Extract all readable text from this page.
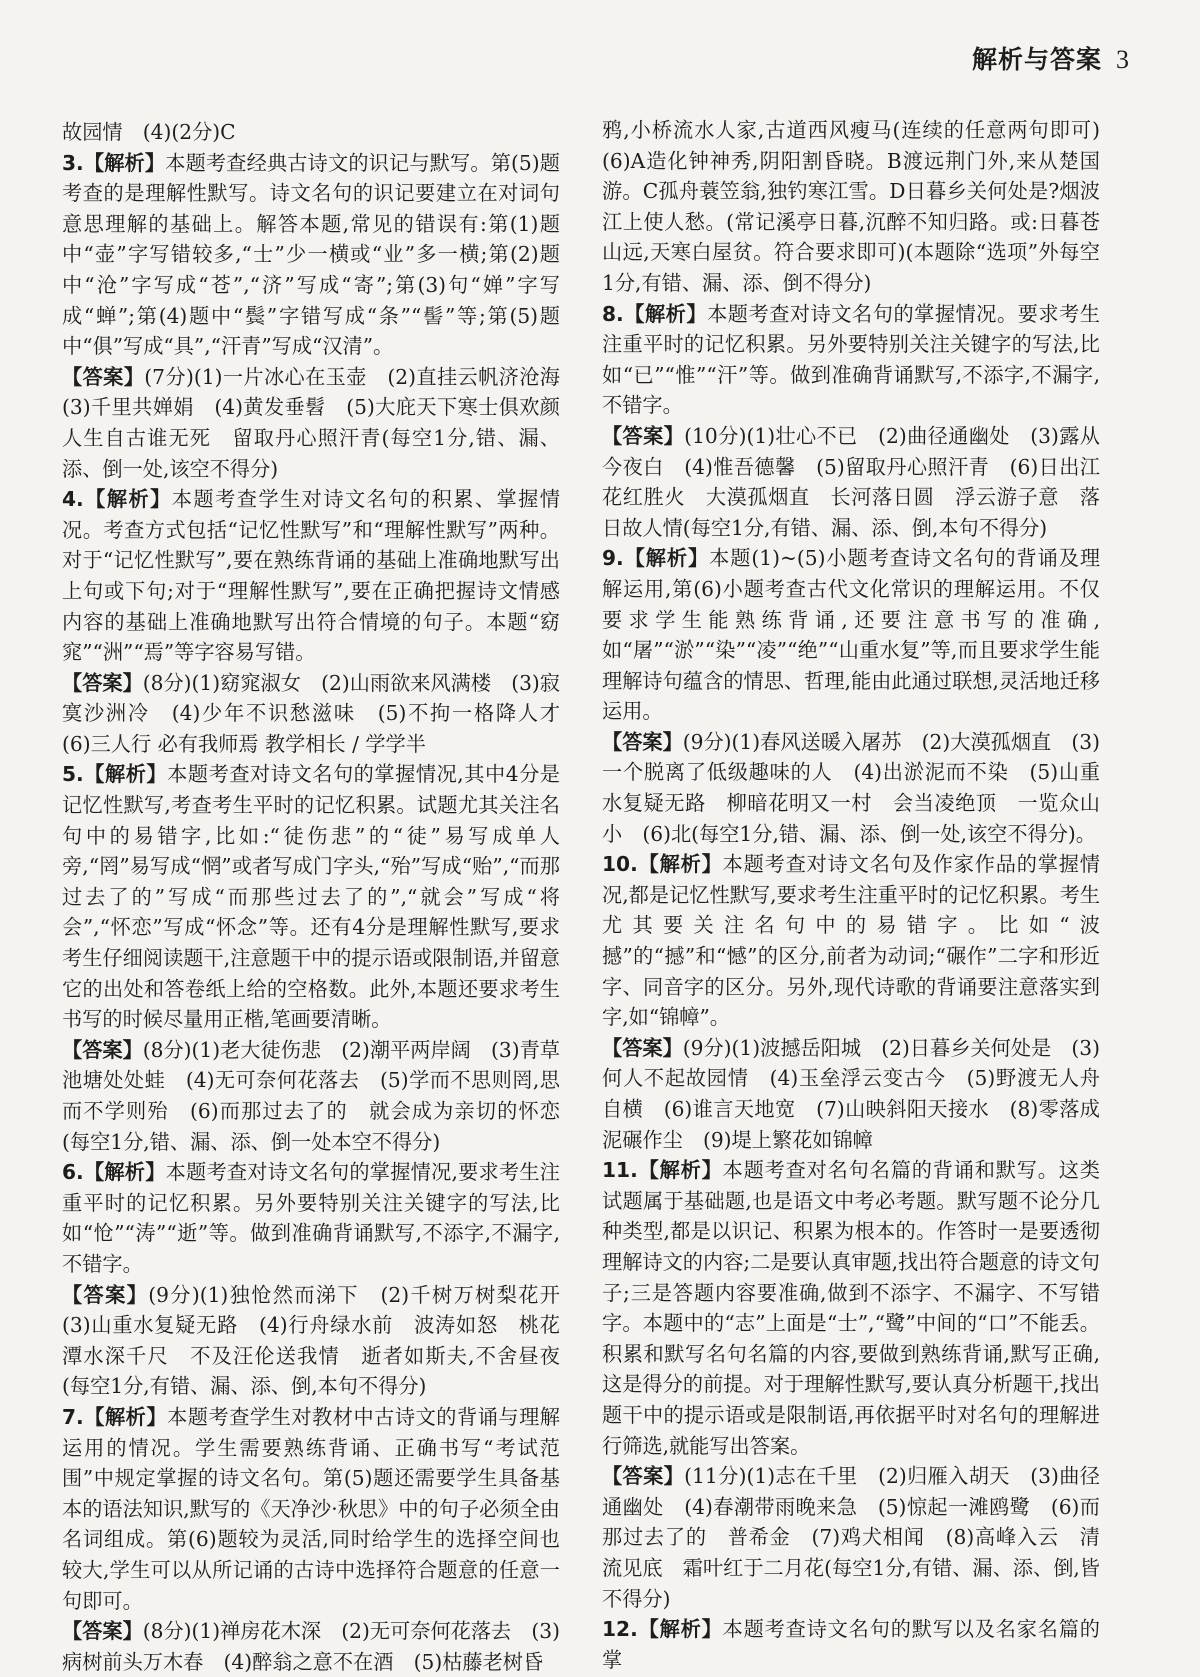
解析与答案 3

故园情　(4)(2分)C

3.【解析】本题考查经典古诗文的识记与默写。第(5)题考查的是理解性默写。诗文名句的识记要建立在对词句意思理解的基础上。解答本题,常见的错误有:第(1)题中“壶”字写错较多,“士”少一横或“业”多一横;第(2)题中“沧”字写成“苍”,“济”写成“寄”;第(3)句“婵”字写成“蝉”;第(4)题中“鬓”字错写成“条”“髻”等;第(5)题中“俱”写成“具”,“汗青”写成“汉清”。

【答案】(7分)(1)一片冰心在玉壶　(2)直挂云帆济沧海　(3)千里共婵娟　(4)黄发垂髫　(5)大庇天下寒士俱欢颜　人生自古谁无死　留取丹心照汗青(每空1分,错、漏、添、倒一处,该空不得分)

4.【解析】本题考查学生对诗文名句的积累、掌握情况。考查方式包括“记忆性默写”和“理解性默写”两种。对于“记忆性默写”,要在熟练背诵的基础上准确地默写出上句或下句;对于“理解性默写”,要在正确把握诗文情感内容的基础上准确地默写出符合情境的句子。本题“窈窕”“洲”“焉”等字容易写错。

【答案】(8分)(1)窈窕淑女　(2)山雨欲来风满楼　(3)寂寞沙洲冷　(4)少年不识愁滋味　(5)不拘一格降人才　(6)三人行 必有我师焉 教学相长 / 学学半

5.【解析】本题考查对诗文名句的掌握情况,其中4分是记忆性默写,考查考生平时的记忆积累。试题尤其关注名句中的易错字,比如:“徒伤悲”的“徒”易写成单人旁,“罔”易写成“惘”或者写成门字头,“殆”写成“贻”,“而那过去了的”写成“而那些过去了的”,“就会”写成“将会”,“怀恋”写成“怀念”等。还有4分是理解性默写,要求考生仔细阅读题干,注意题干中的提示语或限制语,并留意它的出处和答卷纸上给的空格数。此外,本题还要求考生书写的时候尽量用正楷,笔画要清晰。

【答案】(8分)(1)老大徒伤悲　(2)潮平两岸阔　(3)青草池塘处处蛙　(4)无可奈何花落去　(5)学而不思则罔,思而不学则殆　(6)而那过去了的　就会成为亲切的怀恋(每空1分,错、漏、添、倒一处本空不得分)

6.【解析】本题考查对诗文名句的掌握情况,要求考生注重平时的记忆积累。另外要特别关注关键字的写法,比如“怆”“涛”“逝”等。做到准确背诵默写,不添字,不漏字,不错字。

【答案】(9分)(1)独怆然而涕下　(2)千树万树梨花开　(3)山重水复疑无路　(4)行舟绿水前　波涛如怒　桃花潭水深千尺　不及汪伦送我情　逝者如斯夫,不舍昼夜　(每空1分,有错、漏、添、倒,本句不得分)

7.【解析】本题考查学生对教材中古诗文的背诵与理解运用的情况。学生需要熟练背诵、正确书写“考试范围”中规定掌握的诗文名句。第(5)题还需要学生具备基本的语法知识,默写的《天净沙·秋思》中的句子必须全由名词组成。第(6)题较为灵活,同时给学生的选择空间也较大,学生可以从所记诵的古诗中选择符合题意的任意一句即可。

【答案】(8分)(1)禅房花木深　(2)无可奈何花落去　(3)病树前头万木春　(4)醉翁之意不在酒　(5)枯藤老树昏

鸦,小桥流水人家,古道西风瘦马(连续的任意两句即可)(6)A造化钟神秀,阴阳割昏晓。B渡远荆门外,来从楚国游。C孤舟蓑笠翁,独钓寒江雪。D日暮乡关何处是?烟波江上使人愁。(常记溪亭日暮,沉醉不知归路。或:日暮苍山远,天寒白屋贫。符合要求即可)(本题除“选项”外每空1分,有错、漏、添、倒不得分)

8.【解析】本题考查对诗文名句的掌握情况。要求考生注重平时的记忆积累。另外要特别关注关键字的写法,比如“已”“惟”“汗”等。做到准确背诵默写,不添字,不漏字,不错字。

【答案】(10分)(1)壮心不已　(2)曲径通幽处　(3)露从今夜白　(4)惟吾德馨　(5)留取丹心照汗青　(6)日出江花红胜火　大漠孤烟直　长河落日圆　浮云游子意　落日故人情(每空1分,有错、漏、添、倒,本句不得分)

9.【解析】本题(1)~(5)小题考查诗文名句的背诵及理解运用,第(6)小题考查古代文化常识的理解运用。不仅要求学生能熟练背诵,还要注意书写的准确,如“屠”“淤”“染”“凌”“绝”“山重水复”等,而且要求学生能理解诗句蕴含的情思、哲理,能由此通过联想,灵活地迁移运用。

【答案】(9分)(1)春风送暖入屠苏　(2)大漠孤烟直　(3)一个脱离了低级趣味的人　(4)出淤泥而不染　(5)山重水复疑无路　柳暗花明又一村　会当凌绝顶　一览众山小　(6)北(每空1分,错、漏、添、倒一处,该空不得分)。

10.【解析】本题考查对诗文名句及作家作品的掌握情况,都是记忆性默写,要求考生注重平时的记忆积累。考生尤其要关注名句中的易错字。比如“波撼”的“撼”和“憾”的区分,前者为动词;“碾作”二字和形近字、同音字的区分。另外,现代诗歌的背诵要注意落实到字,如“锦幛”。

【答案】(9分)(1)波撼岳阳城　(2)日暮乡关何处是　(3)何人不起故园情　(4)玉垒浮云变古今　(5)野渡无人舟自横　(6)谁言天地宽　(7)山映斜阳天接水　(8)零落成泥碾作尘　(9)堤上繁花如锦幛

11.【解析】本题考查对名句名篇的背诵和默写。这类试题属于基础题,也是语文中考必考题。默写题不论分几种类型,都是以识记、积累为根本的。作答时一是要透彻理解诗文的内容;二是要认真审题,找出符合题意的诗文句子;三是答题内容要准确,做到不添字、不漏字、不写错字。本题中的“志”上面是“士”,“鹭”中间的“口”不能丢。积累和默写名句名篇的内容,要做到熟练背诵,默写正确,这是得分的前提。对于理解性默写,要认真分析题干,找出题干中的提示语或是限制语,再依据平时对名句的理解进行筛选,就能写出答案。

【答案】(11分)(1)志在千里　(2)归雁入胡天　(3)曲径通幽处　(4)春潮带雨晚来急　(5)惊起一滩鸥鹭　(6)而那过去了的　普希金　(7)鸡犬相闻　(8)高峰入云　清流见底　霜叶红于二月花(每空1分,有错、漏、添、倒,皆不得分)

12.【解析】本题考查诗文名句的默写以及名家名篇的掌
